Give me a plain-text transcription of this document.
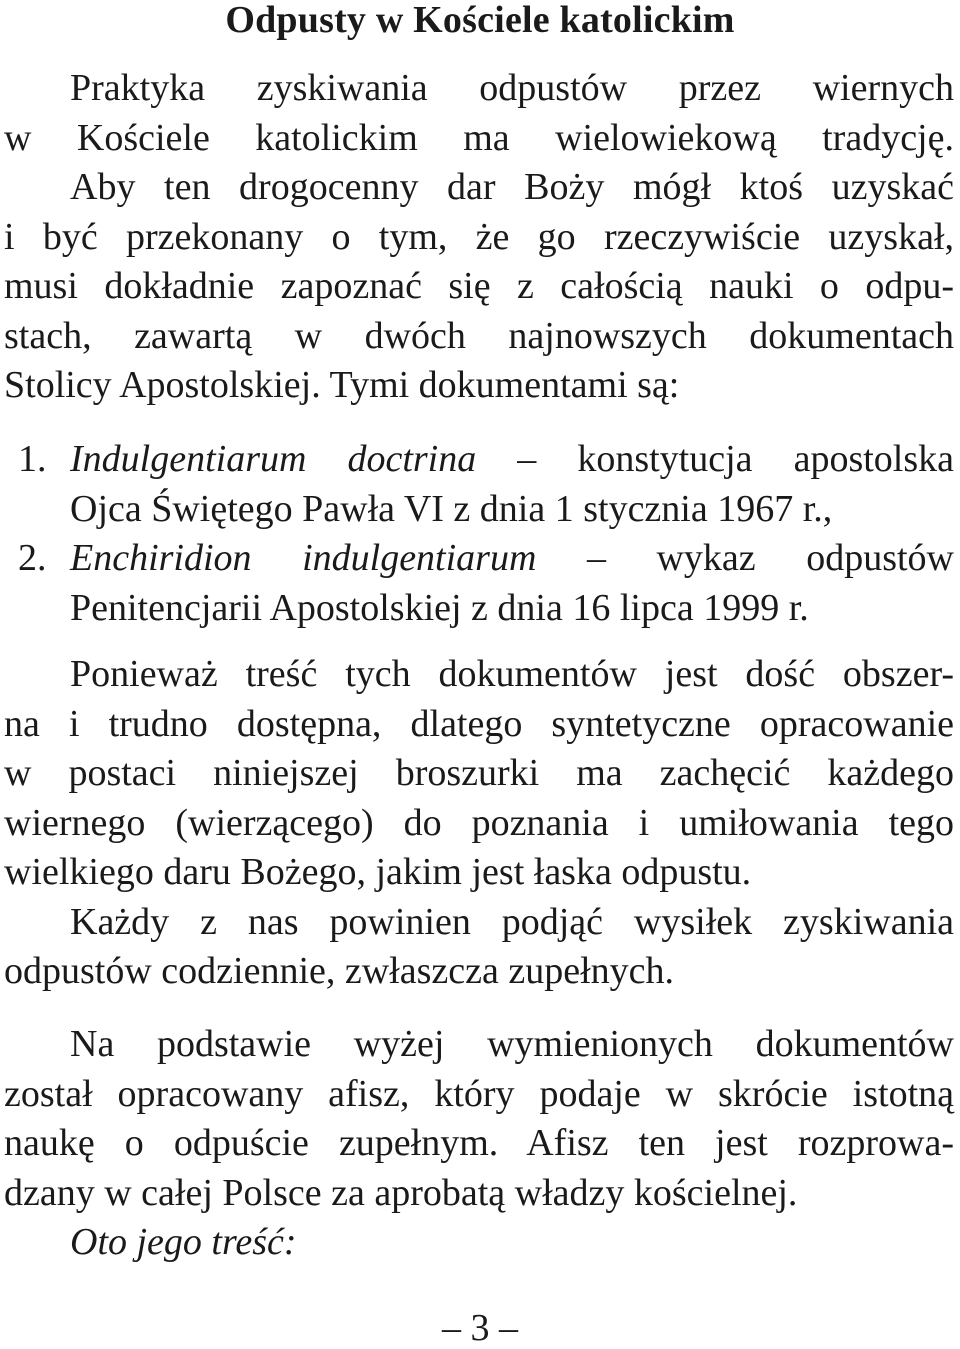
Odpusty w Kościele katolickim
Praktyka zyskiwania odpustów przez wiernych
w Kościele katolickim ma wielowiekową tradycję.
Aby ten drogocenny dar Boży mógł ktoś uzyskać
i być przekonany o tym, że go rzeczywiście uzyskał,
musi dokładnie zapoznać się z całością nauki o odpu-
stach, zawartą w dwóch najnowszych dokumentach
Stolicy Apostolskiej. Tymi dokumentami są:
1. Indulgentiarum doctrina – konstytucja apostolska
Ojca Świętego Pawła VI z dnia 1 stycznia 1967 r.,
2. Enchiridion indulgentiarum – wykaz odpustów
Penitencjarii Apostolskiej z dnia 16 lipca 1999 r.
Ponieważ treść tych dokumentów jest dość obszer-
na i trudno dostępna, dlatego syntetyczne opracowanie
w postaci niniejszej broszurki ma zachęcić każdego
wiernego (wierzącego) do poznania i umiłowania tego
wielkiego daru Bożego, jakim jest łaska odpustu.
Każdy z nas powinien podjąć wysiłek zyskiwania
odpustów codziennie, zwłaszcza zupełnych.
Na podstawie wyżej wymienionych dokumentów
został opracowany afisz, który podaje w skrócie istotną
naukę o odpuście zupełnym. Afisz ten jest rozprowa-
dzany w całej Polsce za aprobatą władzy kościelnej.
Oto jego treść:
– 3 –
